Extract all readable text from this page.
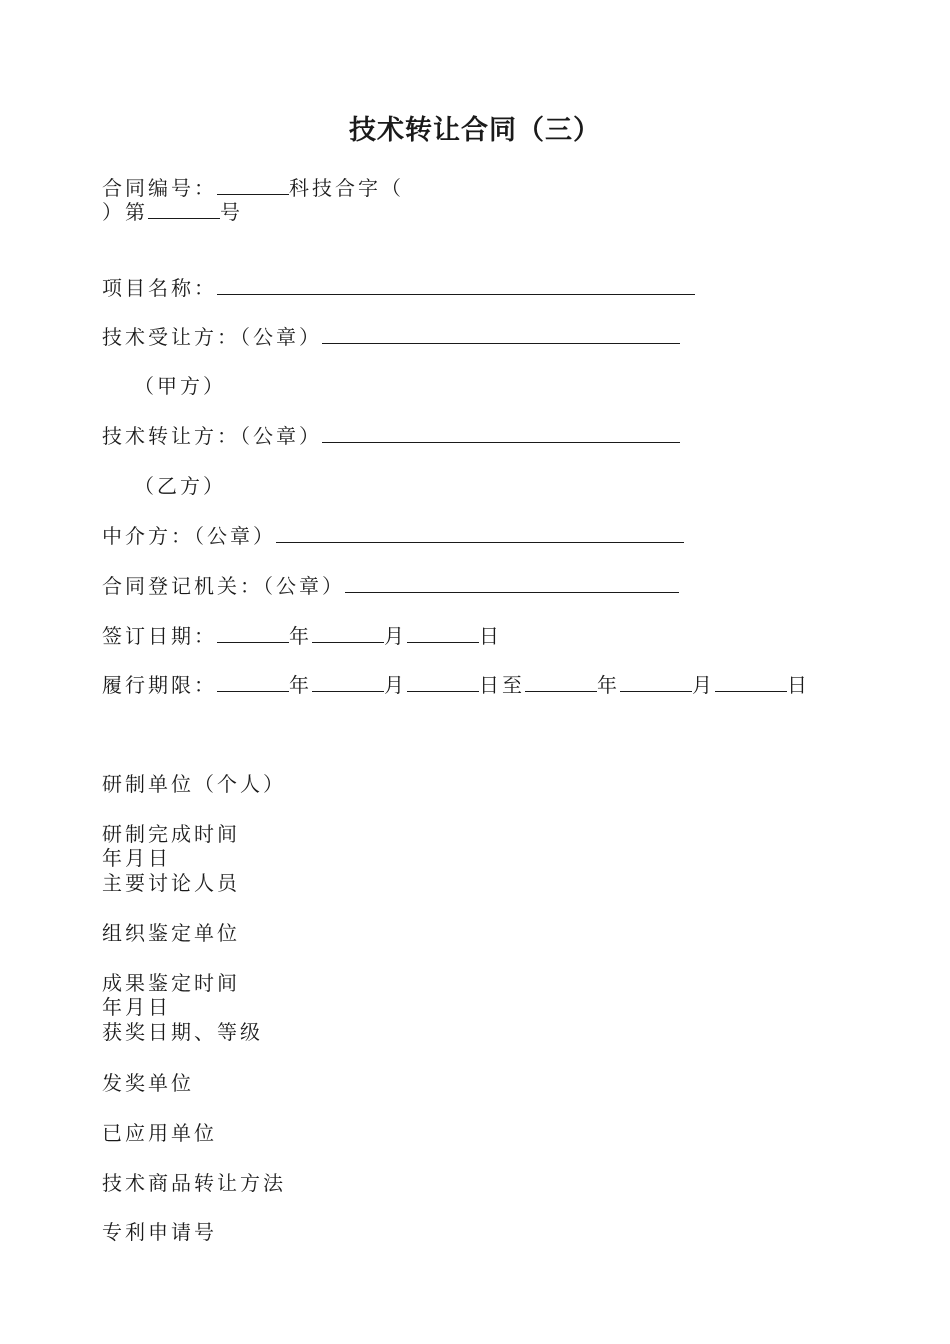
技术转让合同（三）
合同编号：	科技合字（
）第	号
项目名称：
技术受让方：（公章）
（甲方）
技术转让方：（公章）
（乙方）
中介方：（公章）
合同登记机关：（公章）
签订日期：	年	月	日
履行期限：	年	月	日至	年	月	日
研制单位（个人）
研制完成时间
年月日
主要讨论人员
组织鉴定单位
成果鉴定时间
年月日
获奖日期、等级
发奖单位
已应用单位
技术商品转让方法
专利申请号
